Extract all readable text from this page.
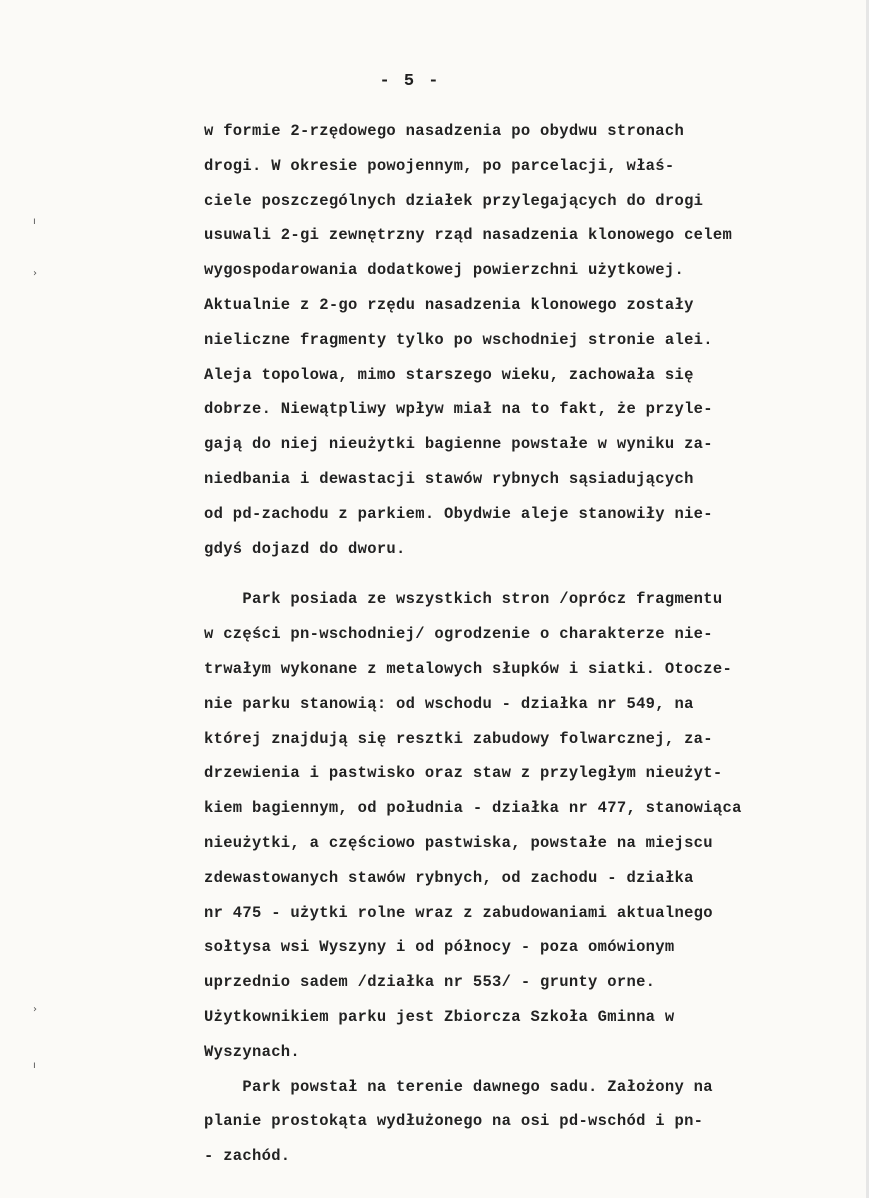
- 5 -
ı
›
›
ı
w formie 2-rzędowego nasadzenia po obydwu stronach
drogi. W okresie powojennym, po parcelacji, właś-
ciele poszczególnych działek przylegających do drogi
usuwali 2-gi zewnętrzny rząd nasadzenia klonowego celem
wygospodarowania dodatkowej powierzchni użytkowej.
Aktualnie z 2-go rzędu nasadzenia klonowego zostały
nieliczne fragmenty tylko po wschodniej stronie alei.
Aleja topolowa, mimo starszego wieku, zachowała się
dobrze. Niewątpliwy wpływ miał na to fakt, że przyle-
gają do niej nieużytki bagienne powstałe w wyniku za-
niedbania i dewastacji stawów rybnych sąsiadujących
od pd-zachodu z parkiem. Obydwie aleje stanowiły nie-
gdyś dojazd do dworu.
Park posiada ze wszystkich stron /oprócz fragmentu
w części pn-wschodniej/ ogrodzenie o charakterze nie-
trwałym wykonane z metalowych słupków i siatki. Otocze-
nie parku stanowią: od wschodu - działka nr 549, na
której znajdują się resztki zabudowy folwarcznej, za-
drzewienia i pastwisko oraz staw z przyległym nieużyt-
kiem bagiennym, od południa - działka nr 477, stanowiąca
nieużytki, a częściowo pastwiska, powstałe na miejscu
zdewastowanych stawów rybnych, od zachodu - działka
nr 475 - użytki rolne wraz z zabudowaniami aktualnego
sołtysa wsi Wyszyny i od północy - poza omówionym
uprzednio sadem /działka nr 553/ - grunty orne.
Użytkownikiem parku jest Zbiorcza Szkoła Gminna w
Wyszynach.
Park powstał na terenie dawnego sadu. Założony na
planie prostokąta wydłużonego na osi pd-wschód i pn-
- zachód.
